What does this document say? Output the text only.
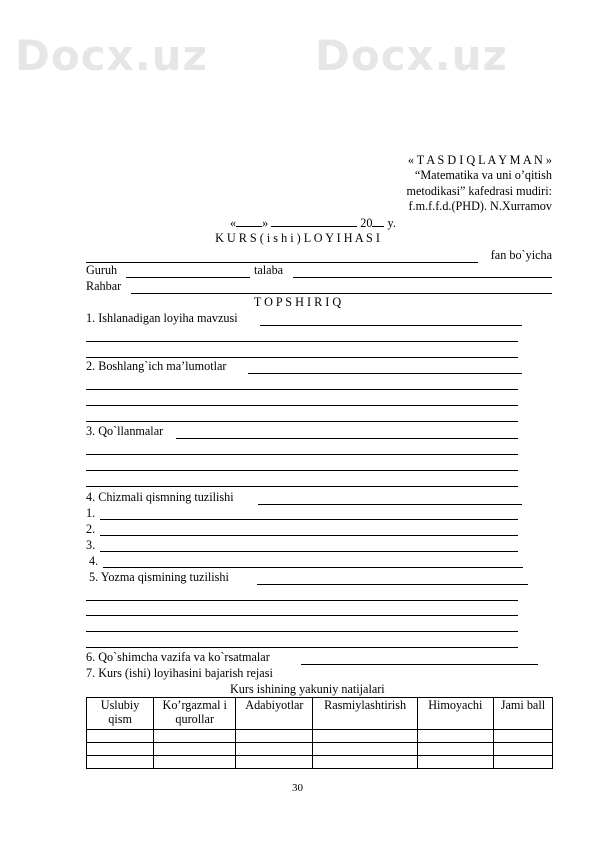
Docx.uz	Docx.uz
« T A S D I Q L A Y M A N »
“Matematika va uni o’qitish
metodikasi” kafedrasi mudiri:
f.m.f.f.d.(PHD). N.Xurramov
« »	20 y.
K U R S ( i s h i ) L O Y I H A S I
fan bo`yicha
Guruh	talaba
Rahbar
T O P S H I R I Q
1. Ishlanadigan loyiha mavzusi
2. Boshlang`ich ma’lumotlar
3. Qo`llanmalar
4. Chizmali qismning tuzilishi
1.
2.
3.
4.
5. Yozma qismining tuzilishi
6. Qo`shimcha vazifa va ko`rsatmalar
7. Kurs (ishi) loyihasini bajarish rejasi
Kurs ishining yakuniy natijalari
Uslubiy qism	Ko’rgazmal i qurollar	Adabiyotlar	Rasmiylashtirish	Himoyachi	Jami ball

30
